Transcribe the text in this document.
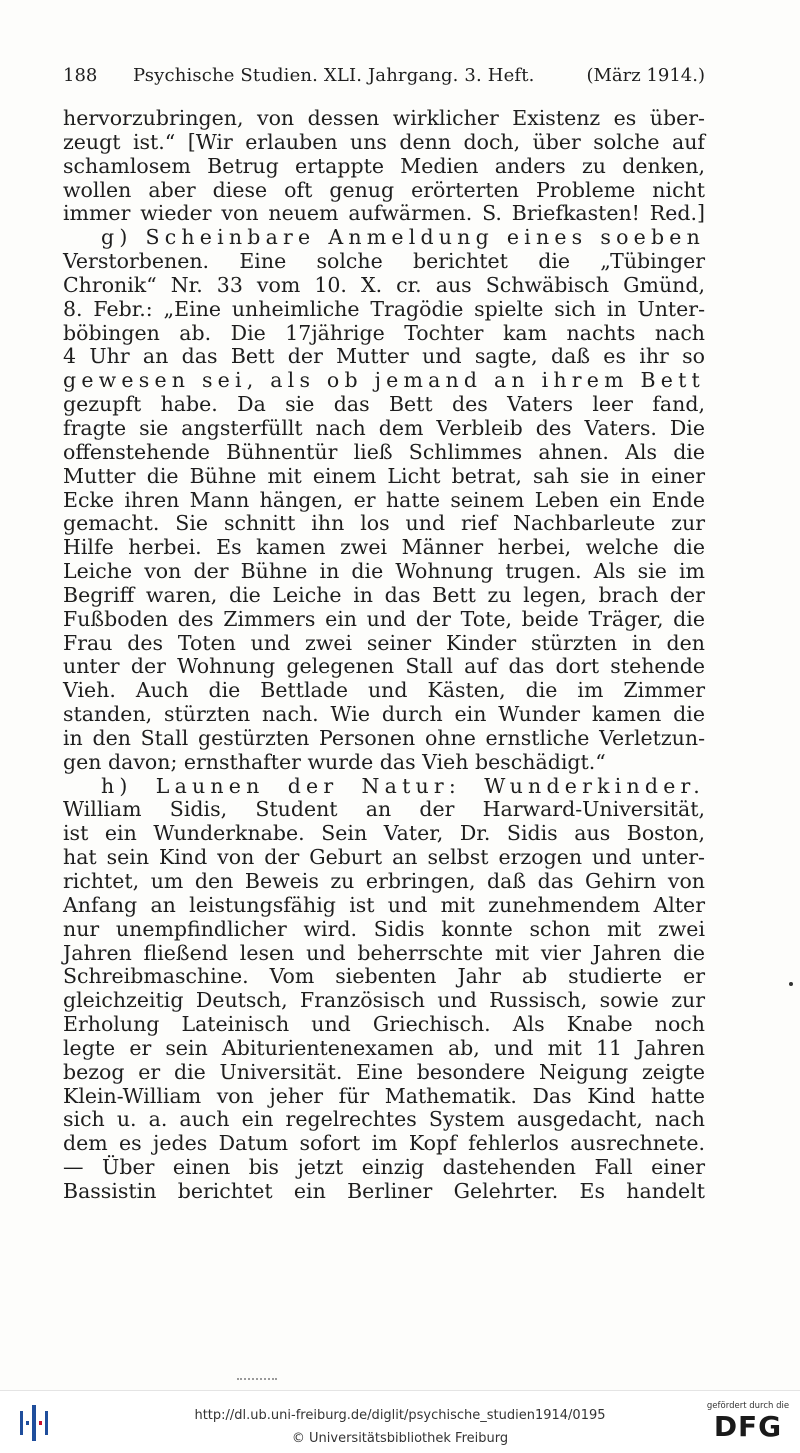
188 Psychische Studien. XLI. Jahrgang. 3. Heft.	(März 1914.)
hervorzubringen, von dessen wirklicher Existenz es über-
zeugt ist.“ [Wir erlauben uns denn doch, über solche auf
schamlosem Betrug ertappte Medien anders zu denken,
wollen aber diese oft genug erörterten Probleme nicht
immer wieder von neuem aufwärmen. S. Briefkasten! Red.]
g) Scheinbare Anmeldung eines soeben
Verstorbenen. Eine solche berichtet die „Tübinger
Chronik“ Nr. 33 vom 10. X. cr. aus Schwäbisch Gmünd,
8. Febr.: „Eine unheimliche Tragödie spielte sich in Unter-
böbingen ab. Die 17jährige Tochter kam nachts nach
4 Uhr an das Bett der Mutter und sagte, daß es ihr so
gewesen sei, als ob jemand an ihrem Bett
gezupft habe. Da sie das Bett des Vaters leer fand,
fragte sie angsterfüllt nach dem Verbleib des Vaters. Die
offenstehende Bühnentür ließ Schlimmes ahnen. Als die
Mutter die Bühne mit einem Licht betrat, sah sie in einer
Ecke ihren Mann hängen, er hatte seinem Leben ein Ende
gemacht. Sie schnitt ihn los und rief Nachbarleute zur
Hilfe herbei. Es kamen zwei Männer herbei, welche die
Leiche von der Bühne in die Wohnung trugen. Als sie im
Begriff waren, die Leiche in das Bett zu legen, brach der
Fußboden des Zimmers ein und der Tote, beide Träger, die
Frau des Toten und zwei seiner Kinder stürzten in den
unter der Wohnung gelegenen Stall auf das dort stehende
Vieh. Auch die Bettlade und Kästen, die im Zimmer
standen, stürzten nach. Wie durch ein Wunder kamen die
in den Stall gestürzten Personen ohne ernstliche Verletzun-
gen davon; ernsthafter wurde das Vieh beschädigt.“
h) Launen der Natur: Wunderkinder.
William Sidis, Student an der Harward-Universität,
ist ein Wunderknabe. Sein Vater, Dr. Sidis aus Boston,
hat sein Kind von der Geburt an selbst erzogen und unter-
richtet, um den Beweis zu erbringen, daß das Gehirn von
Anfang an leistungsfähig ist und mit zunehmendem Alter
nur unempfindlicher wird. Sidis konnte schon mit zwei
Jahren fließend lesen und beherrschte mit vier Jahren die
Schreibmaschine. Vom siebenten Jahr ab studierte er
gleichzeitig Deutsch, Französisch und Russisch, sowie zur
Erholung Lateinisch und Griechisch. Als Knabe noch
legte er sein Abiturientenexamen ab, und mit 11 Jahren
bezog er die Universität. Eine besondere Neigung zeigte
Klein-William von jeher für Mathematik. Das Kind hatte
sich u. a. auch ein regelrechtes System ausgedacht, nach
dem es jedes Datum sofort im Kopf fehlerlos ausrechnete.
— Über einen bis jetzt einzig dastehenden Fall einer
Bassistin berichtet ein Berliner Gelehrter. Es handelt
http://dl.ub.uni-freiburg.de/diglit/psychische_studien1914/0195
© Universitätsbibliothek Freiburg
gefördert durch die
DFG
